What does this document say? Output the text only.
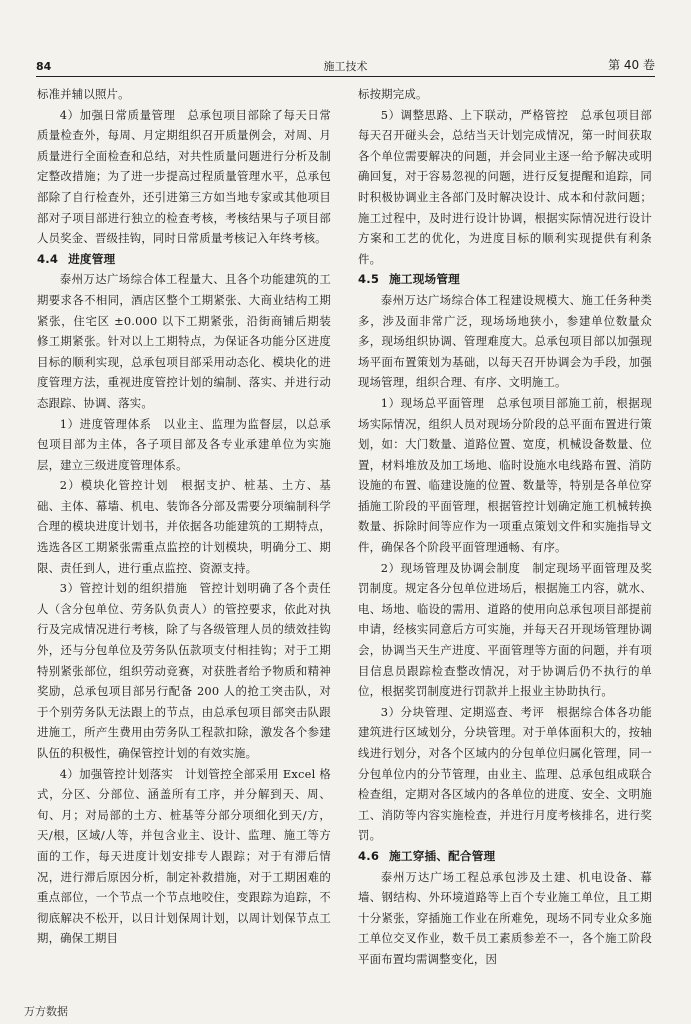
84	施工技术	第 40 卷

标准并辅以照片。

4）加强日常质量管理　总承包项目部除了每天日常质量检查外，每周、月定期组织召开质量例会，对周、月质量进行全面检查和总结，对共性质量问题进行分析及制定整改措施；为了进一步提高过程质量管理水平，总承包部除了自行检查外，还引进第三方如当地专家或其他项目部对子项目部进行独立的检查考核，考核结果与子项目部人员奖金、晋级挂钩，同时日常质量考核记入年终考核。

4.4 进度管理

泰州万达广场综合体工程量大、且各个功能建筑的工期要求各不相同，酒店区整个工期紧张、大商业结构工期紧张，住宅区 ±0.000 以下工期紧张，沿街商铺后期装修工期紧张。针对以上工期特点，为保证各功能分区进度目标的顺利实现，总承包项目部采用动态化、模块化的进度管理方法，重视进度管控计划的编制、落实、并进行动态跟踪、协调、落实。

1）进度管理体系　以业主、监理为监督层，以总承包项目部为主体，各子项目部及各专业承建单位为实施层，建立三级进度管理体系。

2）模块化管控计划　根据支护、桩基、土方、基础、主体、幕墙、机电、装饰各分部及需要分项编制科学合理的模块进度计划书，并依据各功能建筑的工期特点，选选各区工期紧张需重点监控的计划模块，明确分工、期限、责任到人，进行重点监控、资源支持。

3）管控计划的组织措施　管控计划明确了各个责任人（含分包单位、劳务队负责人）的管控要求，依此对执行及完成情况进行考核，除了与各级管理人员的绩效挂钩外，还与分包单位及劳务队伍款项支付相挂钩；对于工期特别紧张部位，组织劳动竞赛，对获胜者给予物质和精神奖励，总承包项目部另行配备 200 人的抢工突击队，对于个别劳务队无法跟上的节点，由总承包项目部突击队跟进施工，所产生费用由劳务队工程款扣除，激发各个参建队伍的积极性，确保管控计划的有效实施。

4）加强管控计划落实　计划管控全部采用 Excel 格式，分区、分部位、涵盖所有工序，并分解到天、周、旬、月；对局部的土方、桩基等分部分项细化到天/方，天/根，区域/人等，并包含业主、设计、监理、施工等方面的工作，每天进度计划安排专人跟踪；对于有滞后情况，进行滞后原因分析，制定补救措施，对于工期困难的重点部位，一个节点一个节点地咬住，变跟踪为追踪，不彻底解决不松开，以日计划保周计划，以周计划保节点工期，确保工期目

标按期完成。

5）调整思路、上下联动，严格管控　总承包项目部每天召开碰头会，总结当天计划完成情况，第一时间获取各个单位需要解决的问题，并会同业主逐一给予解决或明确回复，对于容易忽视的问题，进行反复提醒和追踪，同时积极协调业主各部门及时解决设计、成本和付款问题；施工过程中，及时进行设计协调，根据实际情况进行设计方案和工艺的优化，为进度目标的顺利实现提供有利条件。

4.5 施工现场管理

泰州万达广场综合体工程建设规模大、施工任务种类多，涉及面非常广泛，现场场地狭小，参建单位数量众多，现场组织协调、管理难度大。总承包项目部以加强现场平面布置策划为基础，以每天召开协调会为手段，加强现场管理，组织合理、有序、文明施工。

1）现场总平面管理　总承包项目部施工前，根据现场实际情况，组织人员对现场分阶段的总平面布置进行策划，如：大门数量、道路位置、宽度，机械设备数量、位置，材料堆放及加工场地、临时设施水电线路布置、消防设施的布置、临建设施的位置、数量等，特别是各单位穿插施工阶段的平面管理，根据管控计划确定施工机械转换数量、拆除时间等应作为一项重点策划文件和实施指导文件，确保各个阶段平面管理通畅、有序。

2）现场管理及协调会制度　制定现场平面管理及奖罚制度。规定各分包单位进场后，根据施工内容，就水、电、场地、临设的需用、道路的使用向总承包项目部提前申请，经核实同意后方可实施，并每天召开现场管理协调会，协调当天生产进度、平面管理等方面的问题，并有项目信息员跟踪检查整改情况，对于协调后仍不执行的单位，根据奖罚制度进行罚款并上报业主协助执行。

3）分块管理、定期巡查、考评　根据综合体各功能建筑进行区域划分，分块管理。对于单体面积大的，按轴线进行划分，对各个区域内的分包单位归属化管理，同一分包单位内的分节管理，由业主、监理、总承包组成联合检查组，定期对各区域内的各单位的进度、安全、文明施工、消防等内容实施检查，并进行月度考核排名，进行奖罚。

4.6 施工穿插、配合管理

泰州万达广场工程总承包涉及土建、机电设备、幕墙、钢结构、外环境道路等上百个专业施工单位，且工期十分紧张，穿插施工作业在所难免，现场不同专业众多施工单位交叉作业，数千员工素质参差不一，各个施工阶段平面布置均需调整变化，因

万方数据
